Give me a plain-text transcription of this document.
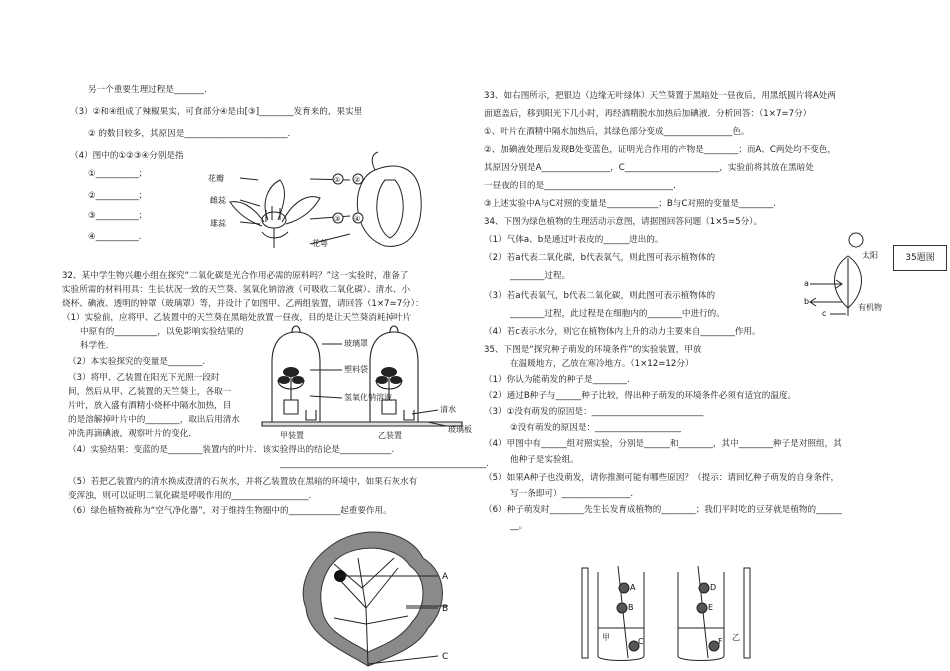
另一个重要生理过程是_______.
（3）②和④组成了辣椒果实，可食部分④是由[③]________发育来的，果实里
② 的数目较多，其原因是________________________.
（4）图中的①②③④分别是指
①__________；
②__________；
③__________；
④__________.
花瓣
雌蕊
雄蕊
花萼
① ②
③ ④
32、某中学生物兴趣小组在探究“二氧化碳是光合作用必需的原料吗？”这一实验时，准备了
实验所需的材料用具：生长状况一致的天竺葵、氢氧化钠溶液（可吸收二氧化碳）、清水、小
烧杯、碘液、透明的钟罩（玻璃罩）等，并设计了如图甲、乙两组装置，请回答（1×7=7分）：
（1）实验前，应将甲、乙装置中的天竺葵在黑暗处放置一昼夜，目的是让天竺葵消耗掉叶片
中原有的__________，以免影响实验结果的
科学性.
（2）本实验探究的变量是________.
（3）将甲、乙装置在阳光下光照一段时
间，然后从甲、乙装置的天竺葵上，各取一
片叶，放入盛有酒精小烧杯中隔水加热，目
的是溶解掉叶片中的________，取出后用清水
冲洗再滴碘液，观察叶片的变化.
（4）实验结果：变蓝的是________装置内的叶片．该实验得出的结论是____________.
________________________________________________.
（5）若把乙装置内的清水换成澄清的石灰水，并将乙装置放在黑暗的环境中，如果石灰水有
变浑浊，则可以证明二氧化碳是呼吸作用的__________________.
（6）绿色植物被称为“空气净化器”，对于维持生物圈中的____________起重要作用。
玻璃罩
塑料袋
氢氧化钠溶液
清水
玻璃板
甲装置	乙装置
A
B
C
33、如右图所示，把银边（边缘无叶绿体）天竺葵置于黑暗处一昼夜后，用黑纸圆片将A处两
面遮盖后，移到阳光下几小时，再经酒精脱水加热后加碘液．分析回答：（1×7=7分）
①、叶片在酒精中隔水加热后，其绿色部分变成________________色。
②、加碘液处理后发现B处变蓝色，证明光合作用的产物是________；而A、C两处均不变色，
其原因分别是A________________，C______________________，实验前将其放在黑暗处
一昼夜的目的是______________________________.
③上述实验中A与C对照的变量是____________；B与C对照的变量是________.
34、下图为绿色植物的生理活动示意图，请据图回答问题（1×5=5分）。
（1）气体a、b是通过叶表皮的______进出的。
（2）若a代表二氧化碳，b代表氧气，则此图可表示植物体的
________过程。
（3）若a代表氧气，b代表二氧化碳，则此图可表示植物体的
________过程，此过程是在细胞内的________中进行的。
（4）若c表示水分，则它在植物体内上升的动力主要来自________作用。
35、下图是“探究种子萌发的环境条件”的实验装置，甲放
在温暖地方，乙放在寒冷地方。（1×12=12分）
（1）你认为能萌发的种子是________.
（2）通过B种子与______种子比较，得出种子萌发的环境条件必须有适宜的温度。
（3）①没有萌发的原因是：__________________________
②没有萌发的原因是：____________________
（4）甲图中有______组对照实验，分别是______和________，其中________种子是对照组，其
他种子是实验组。
（5）如果A种子也没萌发，请你推测可能有哪些原因？（提示：请回忆种子萌发的自身条件，
写一条即可）________________.
（6）种子萌发时________先生长发育成植物的________；我们平时吃的豆芽就是植物的______
__。
35题图
太阳
a
b
c
有机物
甲	乙
A
B
C
D
E
F
